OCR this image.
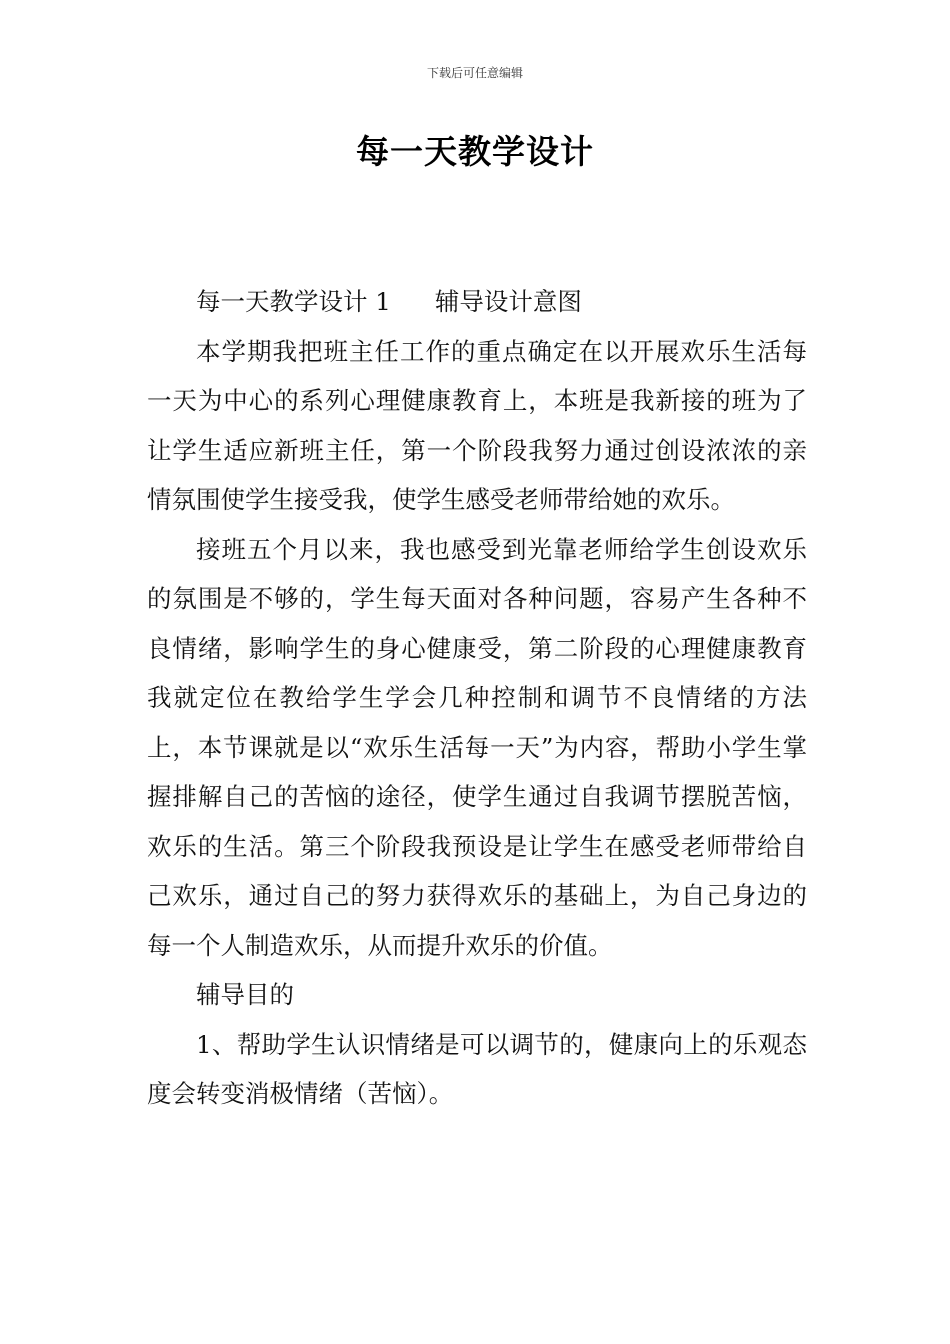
下载后可任意编辑
每一天教学设计
每一天教学设计 1 辅导设计意图

本学期我把班主任工作的重点确定在以开展欢乐生活每一天为中心的系列心理健康教育上，本班是我新接的班为了让学生适应新班主任，第一个阶段我努力通过创设浓浓的亲情氛围使学生接受我，使学生感受老师带给她的欢乐。

接班五个月以来，我也感受到光靠老师给学生创设欢乐的氛围是不够的，学生每天面对各种问题，容易产生各种不良情绪，影响学生的身心健康受，第二阶段的心理健康教育我就定位在教给学生学会几种控制和调节不良情绪的方法上，本节课就是以“欢乐生活每一天”为内容，帮助小学生掌握排解自己的苦恼的途径，使学生通过自我调节摆脱苦恼，欢乐的生活。第三个阶段我预设是让学生在感受老师带给自己欢乐，通过自己的努力获得欢乐的基础上，为自己身边的每一个人制造欢乐，从而提升欢乐的价值。

辅导目的

1、帮助学生认识情绪是可以调节的，健康向上的乐观态度会转变消极情绪（苦恼）。
